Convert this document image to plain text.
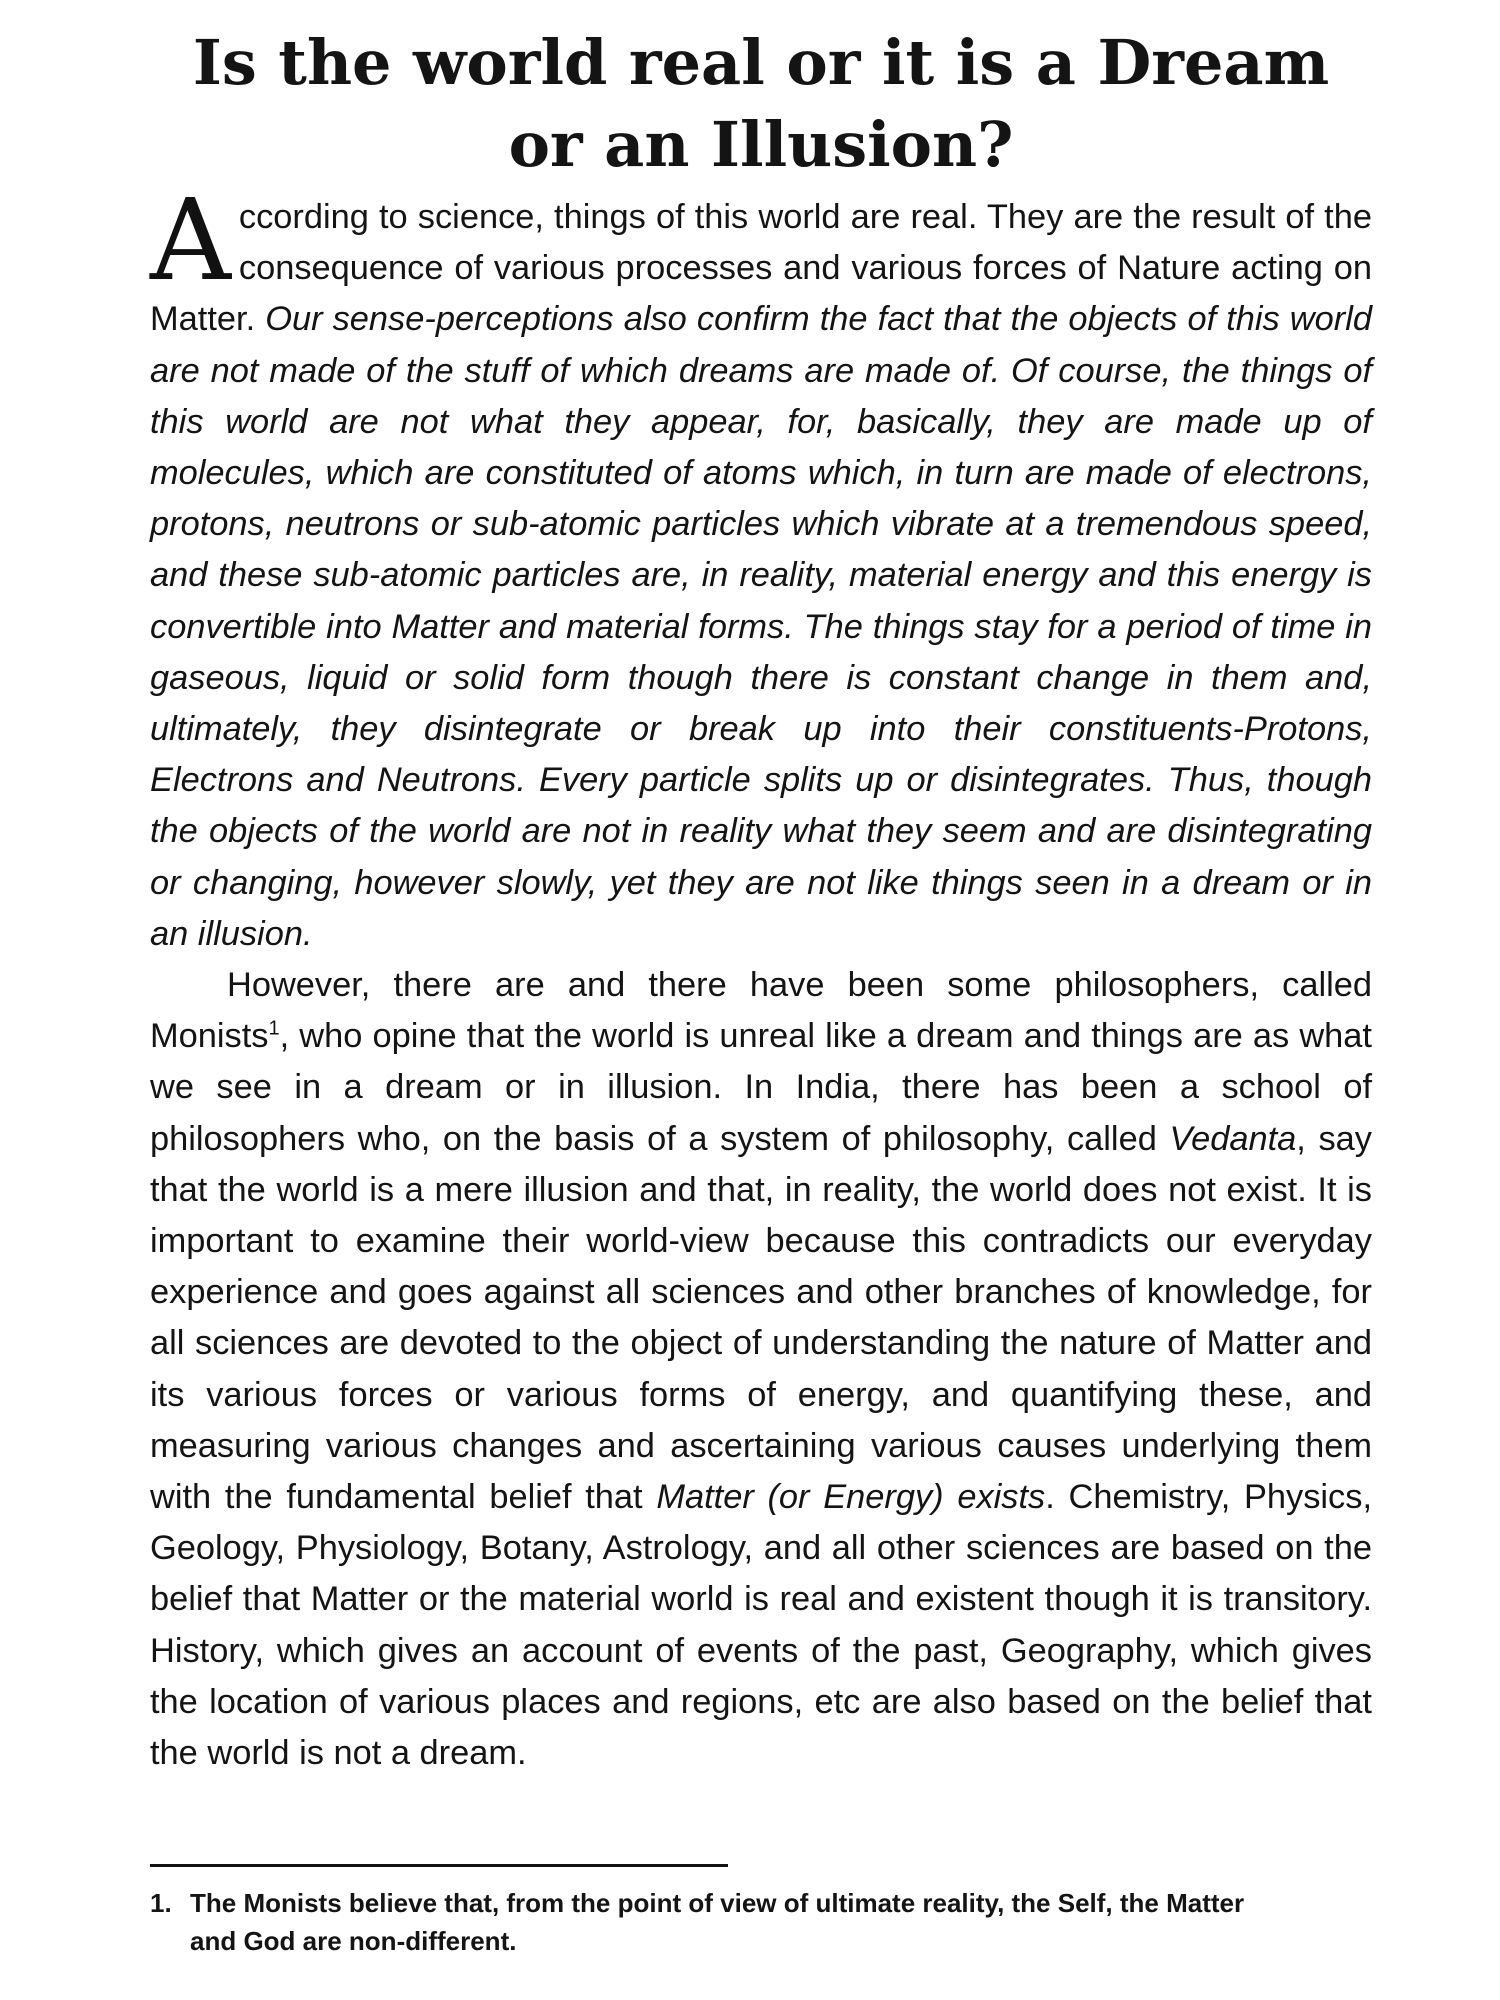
Is the world real or it is a Dream
or an Illusion?

According to science, things of this world are real. They are the result of the consequence of various processes and various forces of Nature acting on Matter. Our sense-perceptions also confirm the fact that the objects of this world are not made of the stuff of which dreams are made of. Of course, the things of this world are not what they appear, for, basically, they are made up of molecules, which are constituted of atoms which, in turn are made of electrons, protons, neutrons or sub-atomic particles which vibrate at a tremendous speed, and these sub-atomic particles are, in reality, material energy and this energy is convertible into Matter and material forms. The things stay for a period of time in gaseous, liquid or solid form though there is constant change in them and, ultimately, they disintegrate or break up into their constituents-Protons, Electrons and Neutrons. Every particle splits up or disintegrates. Thus, though the objects of the world are not in reality what they seem and are disintegrating or changing, however slowly, yet they are not like things seen in a dream or in an illusion.

However, there are and there have been some philosophers, called Monists$^1$, who opine that the world is unreal like a dream and things are as what we see in a dream or in illusion. In India, there has been a school of philosophers who, on the basis of a system of philosophy, called Vedanta, say that the world is a mere illusion and that, in reality, the world does not exist. It is important to examine their world-view because this contradicts our everyday experience and goes against all sciences and other branches of knowledge, for all sciences are devoted to the object of understanding the nature of Matter and its various forces or various forms of energy, and quantifying these, and measuring various changes and ascertaining various causes underlying them with the fundamental belief that Matter (or Energy) exists. Chemistry, Physics, Geology, Physiology, Botany, Astrology, and all other sciences are based on the belief that Matter or the material world is real and existent though it is transitory. History, which gives an account of events of the past, Geography, which gives the location of various places and regions, etc are also based on the belief that the world is not a dream.

1. The Monists believe that, from the point of view of ultimate reality, the Self, the Matter
and God are non-different.
